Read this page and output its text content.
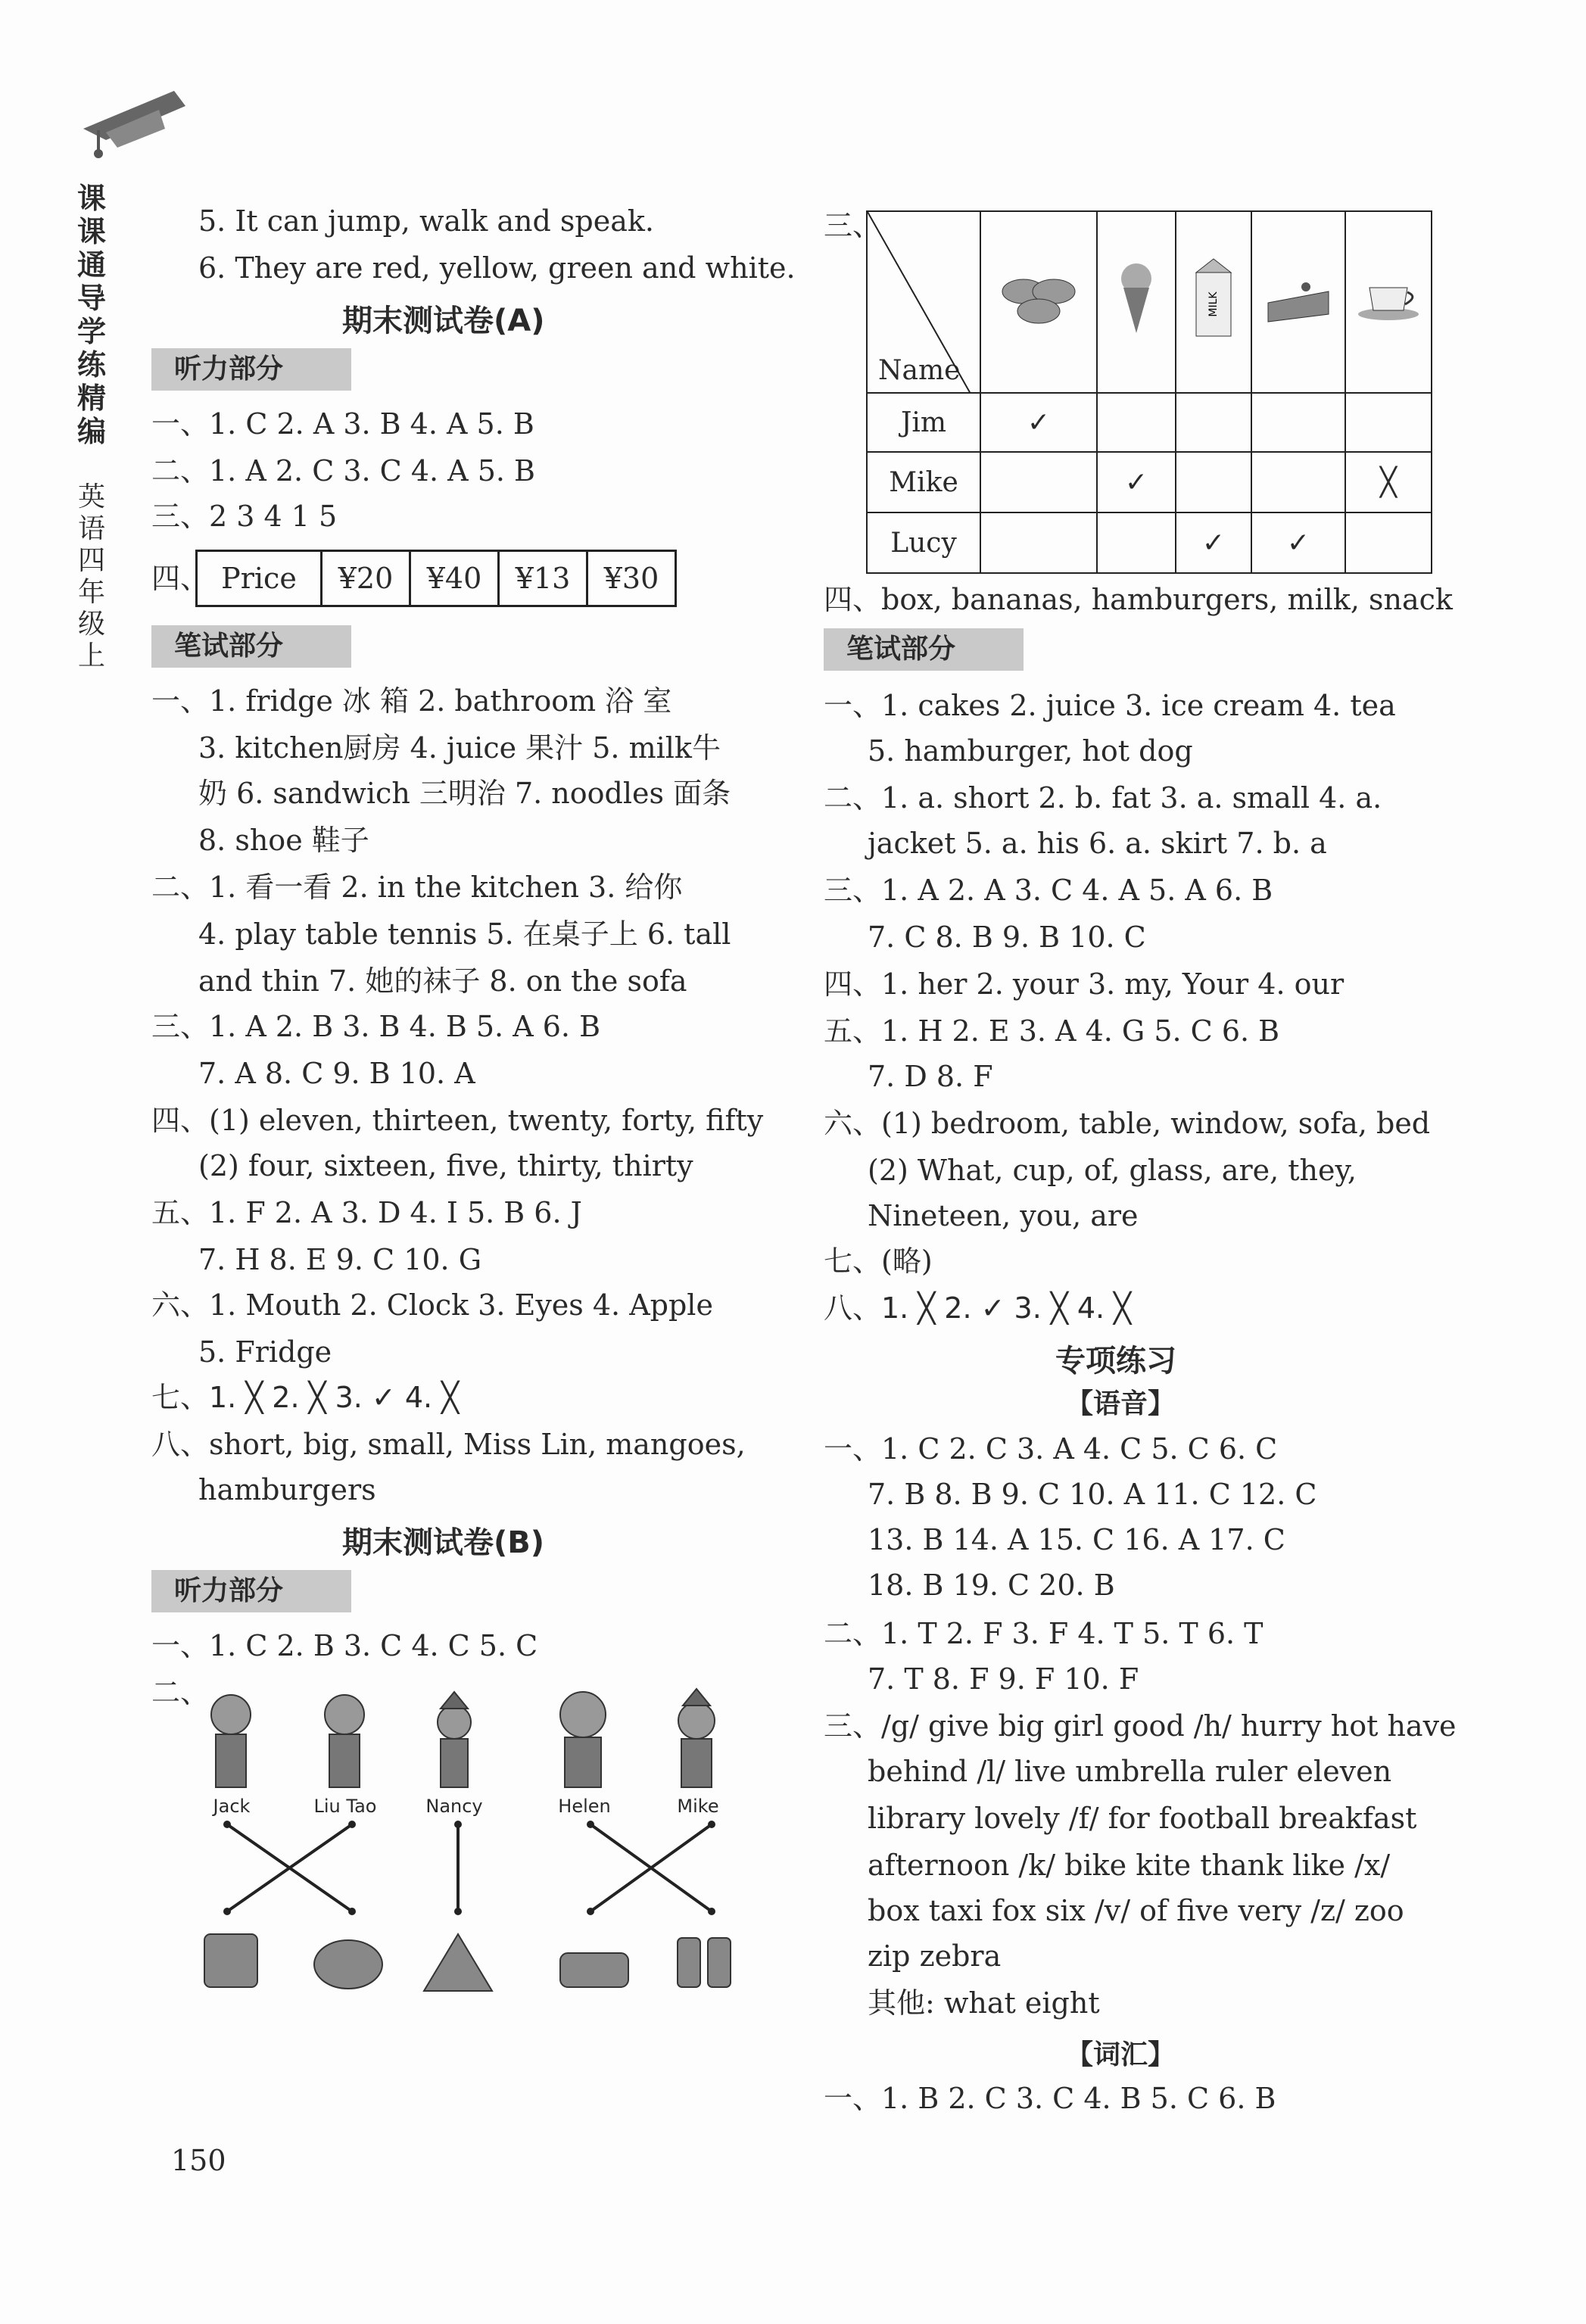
课课通导学练精编
英语四年级上
5. It can jump, walk and speak.
6. They are red, yellow, green and white.
期末测试卷(A)
听力部分
一、1. C 2. A 3. B 4. A 5. B
二、1. A 2. C 3. C 4. A 5. B
三、2 3 4 1 5
四、 Price	¥20	¥40	¥13	¥30
笔试部分
一、1. fridge 冰 箱 2. bathroom 浴 室
3. kitchen厨房 4. juice 果汁 5. milk牛
奶 6. sandwich 三明治 7. noodles 面条
8. shoe 鞋子
二、1. 看一看 2. in the kitchen 3. 给你
4. play table tennis 5. 在桌子上 6. tall
and thin 7. 她的袜子 8. on the sofa
三、1. A 2. B 3. B 4. B 5. A 6. B
7. A 8. C 9. B 10. A
四、(1) eleven, thirteen, twenty, forty, fifty
(2) four, sixteen, five, thirty, thirty
五、1. F 2. A 3. D 4. I 5. B 6. J
7. H 8. E 9. C 10. G
六、1. Mouth 2. Clock 3. Eyes 4. Apple
5. Fridge
七、1. ╳ 2. ╳ 3. ✓ 4. ╳
八、short, big, small, Miss Lin, mangoes,
hamburgers
期末测试卷(B)
听力部分
一、1. C 2. B 3. C 4. C 5. C
二、
Jack	Liu Tao	Nancy	Helen	Mike
150
三、
Name			MILK

Jim	✓				
Mike		✓			╳
Lucy			✓	✓	
四、box, bananas, hamburgers, milk, snack
笔试部分
一、1. cakes 2. juice 3. ice cream 4. tea
5. hamburger, hot dog
二、1. a. short 2. b. fat 3. a. small 4. a.
jacket 5. a. his 6. a. skirt 7. b. a
三、1. A 2. A 3. C 4. A 5. A 6. B
7. C 8. B 9. B 10. C
四、1. her 2. your 3. my, Your 4. our
五、1. H 2. E 3. A 4. G 5. C 6. B
7. D 8. F
六、(1) bedroom, table, window, sofa, bed
(2) What, cup, of, glass, are, they,
Nineteen, you, are
七、(略)
八、1. ╳ 2. ✓ 3. ╳ 4. ╳
专项练习
【语音】
一、1. C 2. C 3. A 4. C 5. C 6. C
7. B 8. B 9. C 10. A 11. C 12. C
13. B 14. A 15. C 16. A 17. C
18. B 19. C 20. B
二、1. T 2. F 3. F 4. T 5. T 6. T
7. T 8. F 9. F 10. F
三、/g/ give big girl good /h/ hurry hot have
behind /l/ live umbrella ruler eleven
library lovely /f/ for football breakfast
afternoon /k/ bike kite thank like /x/
box taxi fox six /v/ of five very /z/ zoo
zip zebra
其他: what eight
【词汇】
一、1. B 2. C 3. C 4. B 5. C 6. B
